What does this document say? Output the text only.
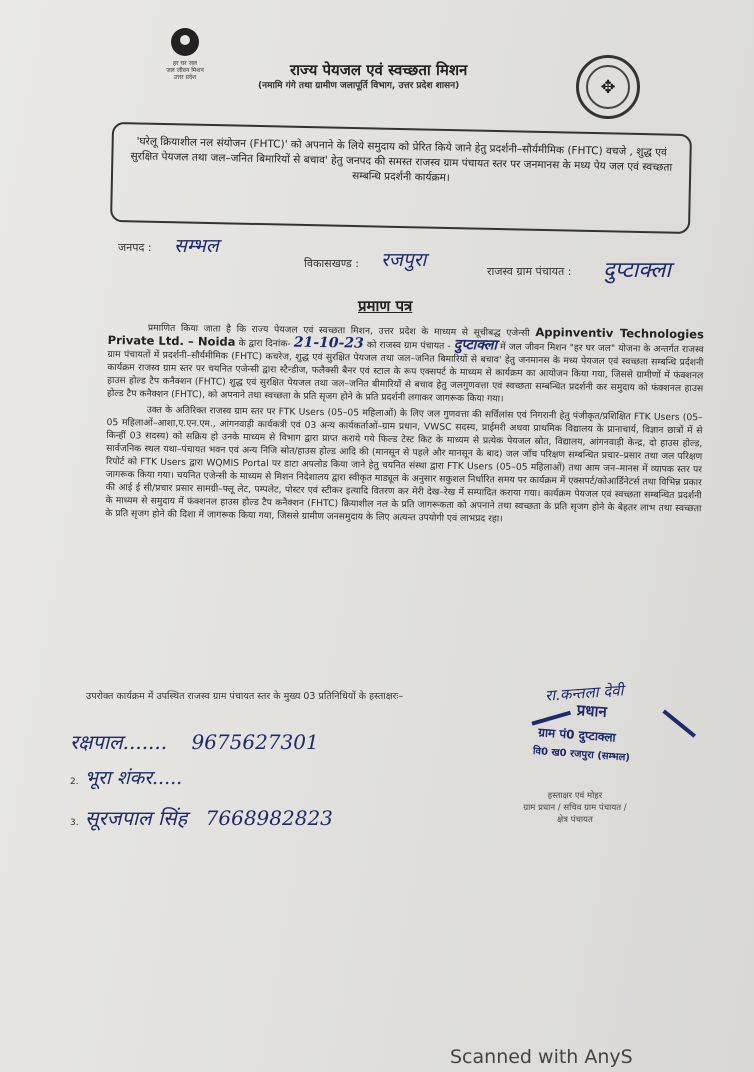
हर घर जल
जल जीवन मिशन
उत्तर प्रदेश	राज्य पेयजल एवं स्वच्छता मिशन
(नमामि गंगे तथा ग्रामीण जलापूर्ति विभाग, उत्तर प्रदेश शासन)	✥
'घरेलू क्रियाशील नल संयोजन (FHTC)' को अपनाने के लिये समुदाय को प्रेरित किये जाने हेतु प्रदर्शनी–सौर्यमीमिक (FHTC) वचजे , शुद्ध एवं सुरक्षित पेयजल तथा जल–जनित बिमारियों से बचाव' हेतु जनपद की समस्त राजस्व ग्राम पंचायत स्तर पर जनमानस के मध्य पेय जल एवं स्वच्छता सम्बन्धि प्रदर्शनी कार्यक्रम।
जनपद : सम्भल
विकासखण्ड : रजपुरा
राजस्व ग्राम पंचायत : दुप्टाक्ला
प्रमाण पत्र

प्रमाणित किया जाता है कि राज्य पेयजल एवं स्वच्छता मिशन, उत्तर प्रदेश के माध्यम से सूचीबद्ध एजेन्सी Appinventiv Technologies Private Ltd. – Noida के द्वारा दिनांक- 21-10-23 को राजस्व ग्राम पंचायत - दुप्टाक्ला में जल जीवन मिशन "हर घर जल" योजना के अन्तर्गत राजस्व ग्राम पंचायतों में प्रदर्शनी–सौर्यमीमिक (FHTC) कचरेज, शुद्ध एवं सुरक्षित पेयजल तथा जल–जनित बिमारियों से बचाव' हेतु जनमानस के मध्य पेयजल एवं स्वच्छता सम्बन्धि प्रर्दशनी कार्यक्रम राजस्व ग्राम स्तर पर चयनित एजेन्सी द्वारा स्टैन्डीज, फलैक्सी बैनर एवं स्टाल के रूप एक्सपर्ट के माध्यम से कार्यक्रम का आयोजन किया गया, जिससे ग्रामीणों में फंक्शनल हाउस होल्ड टैप कनैक्शन (FHTC) शुद्ध एवं सुरक्षित पेयजल तथा जल–जनित बीमारियों से बचाव हेतु जलगुणवत्ता एवं स्वच्छता सम्बन्धित प्रदर्शनी कर समुदाय को फंक्शनल हाउस होल्ड टैप कनैक्शन (FHTC), को अपनाने तथा स्वच्छता के प्रति सृजग होने के प्रति प्रदर्शनी लगाकर जागरूक किया गया।

उक्त के अतिरिक्त राजस्व ग्राम स्तर पर FTK Users (05–05 महिलाओं) के लिए जल गुणवत्ता की सर्विलांस एवं निगरानी हेतु पंजीकृत/प्रशिक्षित FTK Users (05–05 महिलाओं–आशा,ए.एन.एम., आंगनवाड़ी कार्यकत्री एवं 03 अन्य कार्यकर्ताओं–ग्राम प्रधान, VWSC सदस्य, प्राईमरी अथवा प्राथमिक विद्यालय के प्रानाचार्य, विज्ञान छात्रों में से किन्हीं 03 सदस्य) को सक्रिय हो उनके माध्यम से विभाग द्वारा प्राप्त कराये गये फिल्ड टेस्ट किट के माध्यम से प्रत्येक पेयजल स्रोत, विद्यालय, आंगनवाड़ी केन्द्र, दो हाउस होल्ड, सार्वजनिक स्थल यथा–पंचायत भवन एवं अन्य निजि स्रोत/हाउस होल्ड आदि की (मानसून से पहले और मानसून के बाद) जल जाँच परिक्षण सम्बन्धित प्रचार–प्रसार तथा जल परिक्षण रिपोर्ट को FTK Users द्वारा WQMIS Portal पर डाटा अपलोड किया जाने हेतु चयनित संस्था द्वारा FTK Users (05–05 महिलाओं) तथा आम जन–मानस में व्यापक स्तर पर जागरूक किया गया। चयनित एजेन्सी के माध्यम से मिशन निदेशालय द्वारा स्वीकृत माड्यूल के अनुसार सकुशल निर्धारित समय पर कार्यक्रम में एक्सपर्ट/कोआर्डिनेटर्स तथा विभिन्न प्रकार की आई ई सी/प्रचार प्रसार सामग्री–फ्लू लेट, पम्पलेट, पोस्टर एवं स्टीकर इत्यादि वितरण कर मेरी देख–रेख में सम्पादित कराया गया। कार्यक्रम पेयजल एवं स्वच्छता सम्बन्धित प्रदर्शनी के माध्यम से समुदाय में फंक्शनल हाउस होल्ड टैप कनैक्शन (FHTC) क्रियाशील नल के प्रति जागरूकता को अपनाने तथा स्वच्छता के प्रति सृजग होने के बेहतर लाभ तथा स्वच्छता के प्रति सृजग होने की दिशा में जागरूक किया गया, जिससे ग्रामीण जनसमुदाय के लिए अत्यन्त उपयोगी एवं लाभप्रद रहा।

उपरोक्त कार्यक्रम में उपस्थित राजस्व ग्राम पंचायत स्तर के मुख्य 03 प्रतिनिधियों के हस्ताक्षरः–
रक्षपाल....... 9675627301
2. भूरा शंकर.....
3. सूरजपाल सिंह 7668982823
रा.कन्तला देवी
प्रधान
ग्राम पं0 दुप्टाक्ला
वि0 ख0 रजपुरा (सम्भल)
हस्ताक्षर एवं मोहर
ग्राम प्रधान / सचिव ग्राम पंचायत /
क्षेत्र पंचायत
Scanned with AnyS
